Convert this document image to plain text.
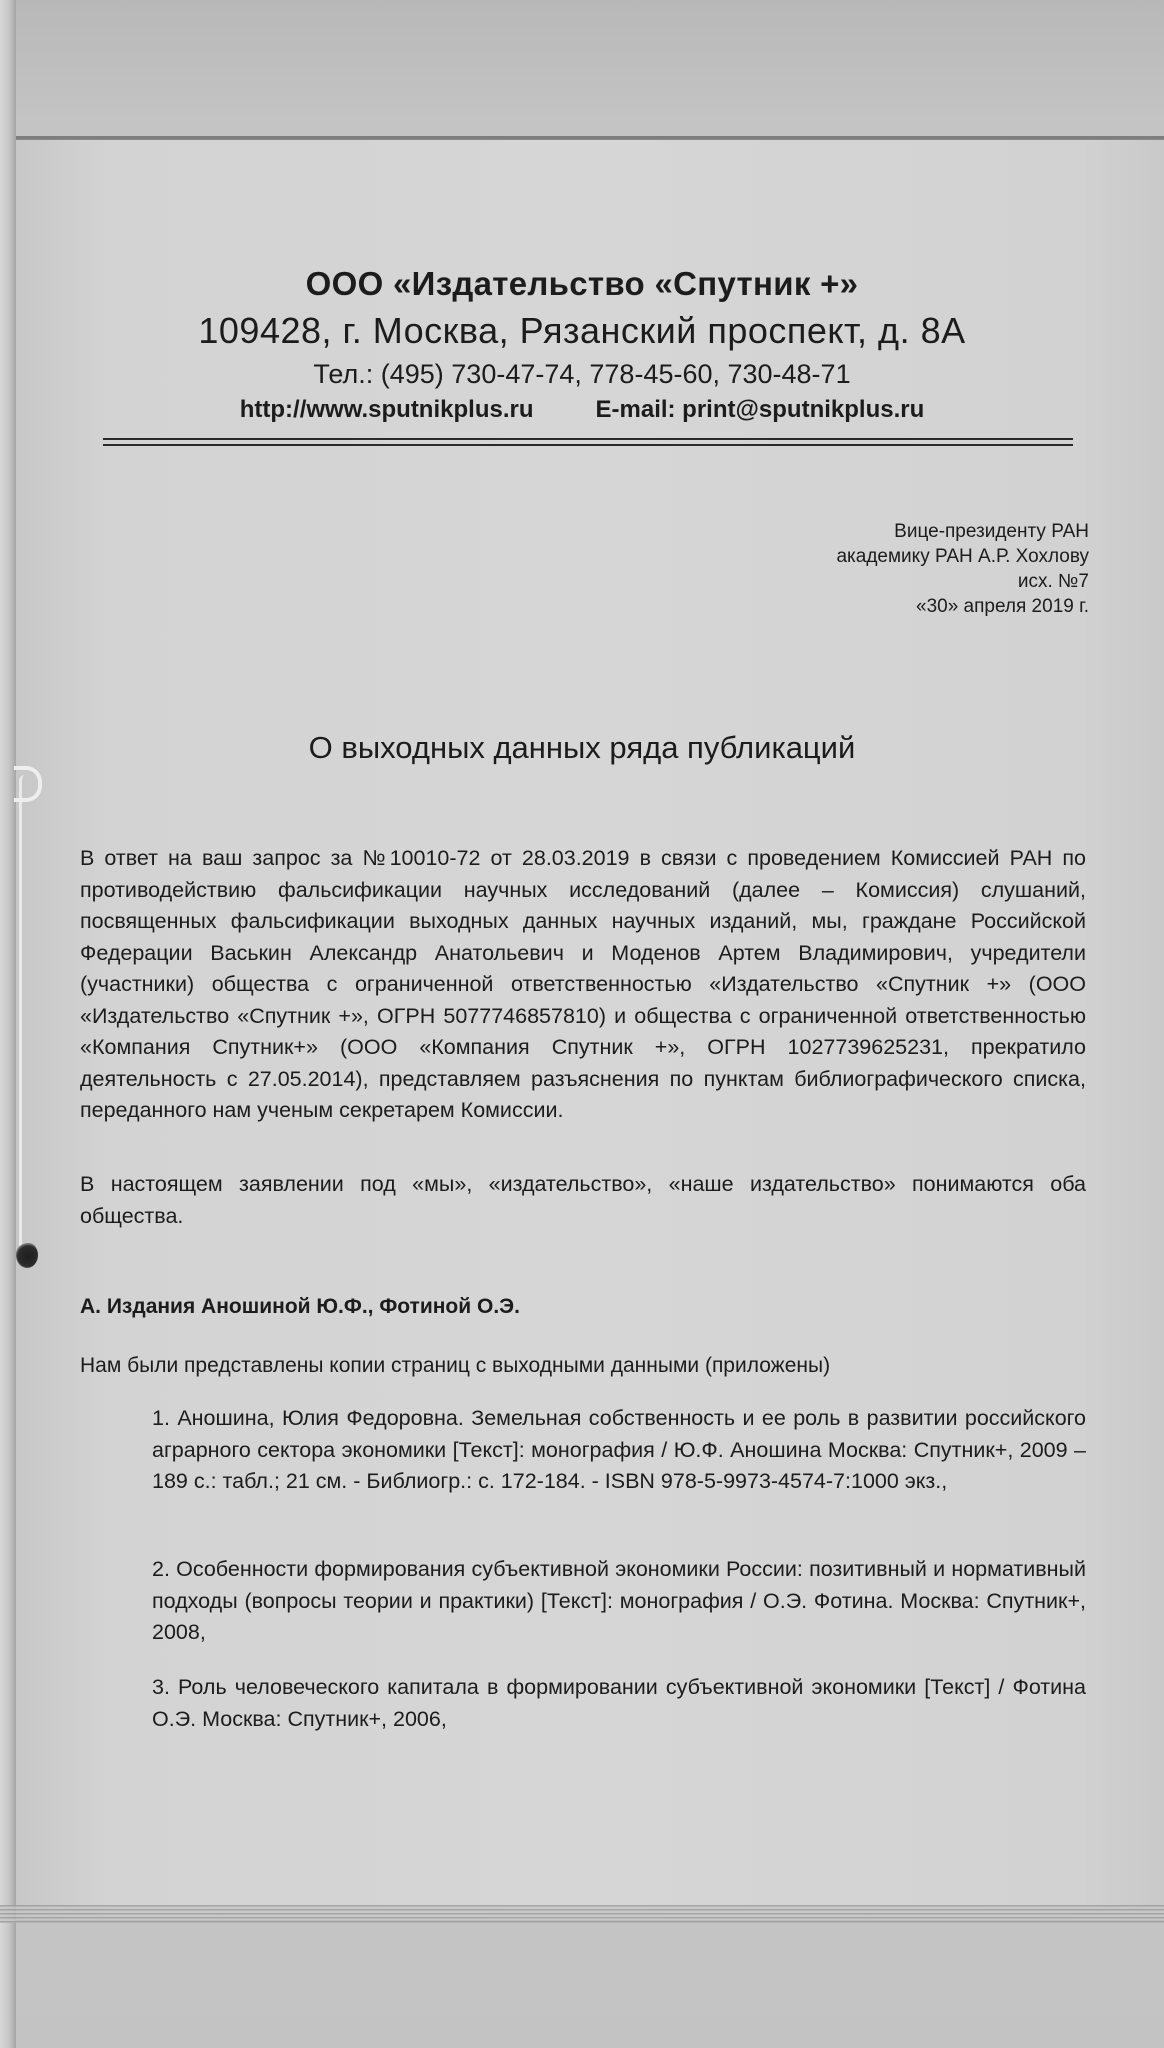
ООО «Издательство «Спутник +»
109428, г. Москва, Рязанский проспект, д. 8А
Тел.: (495) 730-47-74, 778-45-60, 730-48-71
http://www.sputnikplus.ru	E-mail: print@sputnikplus.ru
Вице-президенту РАН
академику РАН А.Р. Хохлову
исх. №7
«30» апреля 2019 г.
О выходных данных ряда публикаций
В ответ на ваш запрос за №10010-72 от 28.03.2019 в связи с проведением Комиссией РАН по противодействию фальсификации научных исследований (далее – Комиссия) слушаний, посвященных фальсификации выходных данных научных изданий, мы, граждане Российской Федерации Васькин Александр Анатольевич и Моденов Артем Владимирович, учредители (участники) общества с ограниченной ответственностью «Издательство «Спутник +» (ООО «Издательство «Спутник +», ОГРН 5077746857810) и общества с ограниченной ответственностью «Компания Спутник+» (ООО «Компания Спутник +», ОГРН 1027739625231, прекратило деятельность с 27.05.2014), представляем разъяснения по пунктам библиографического списка, переданного нам ученым секретарем Комиссии.
В настоящем заявлении под «мы», «издательство», «наше издательство» понимаются оба общества.
А. Издания Аношиной Ю.Ф., Фотиной О.Э.
Нам были представлены копии страниц с выходными данными (приложены)
1. Аношина, Юлия Федоровна. Земельная собственность и ее роль в развитии российского аграрного сектора экономики [Текст]: монография / Ю.Ф. Аношина Москва: Спутник+, 2009 – 189 с.: табл.; 21 см. - Библиогр.: с. 172-184. - ISBN 978-5-9973-4574-7:1000 экз.,
2. Особенности формирования субъективной экономики России: позитивный и нормативный подходы (вопросы теории и практики) [Текст]: монография / О.Э. Фотина. Москва: Спутник+, 2008,
3. Роль человеческого капитала в формировании субъективной экономики [Текст] / Фотина О.Э. Москва: Спутник+, 2006,
